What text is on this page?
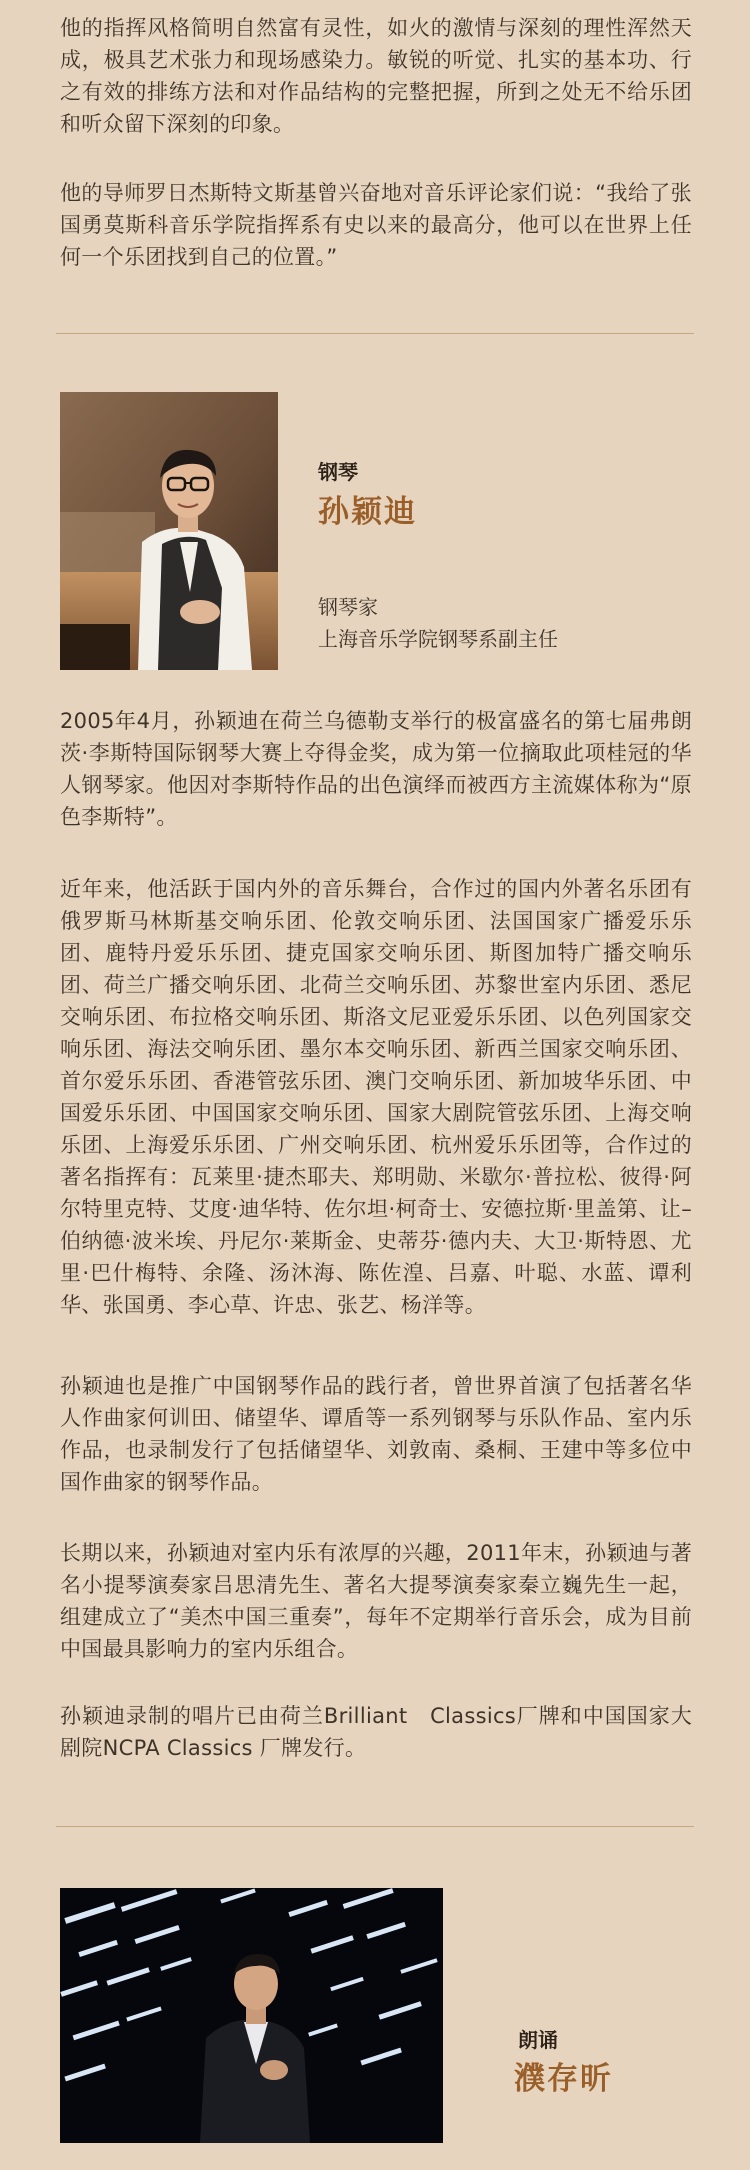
他的指挥风格简明自然富有灵性，如火的激情与深刻的理性浑然天成，极具艺术张力和现场感染力。敏锐的听觉、扎实的基本功、行之有效的排练方法和对作品结构的完整把握，所到之处无不给乐团和听众留下深刻的印象。

他的导师罗日杰斯特文斯基曾兴奋地对音乐评论家们说：“我给了张国勇莫斯科音乐学院指挥系有史以来的最高分，他可以在世界上任何一个乐团找到自己的位置。”

钢琴
孙颖迪
钢琴家
上海音乐学院钢琴系副主任

2005年4月，孙颖迪在荷兰乌德勒支举行的极富盛名的第七届弗朗茨·李斯特国际钢琴大赛上夺得金奖，成为第一位摘取此项桂冠的华人钢琴家。他因对李斯特作品的出色演绎而被西方主流媒体称为“原色李斯特”。

近年来，他活跃于国内外的音乐舞台，合作过的国内外著名乐团有俄罗斯马林斯基交响乐团、伦敦交响乐团、法国国家广播爱乐乐团、鹿特丹爱乐乐团、捷克国家交响乐团、斯图加特广播交响乐团、荷兰广播交响乐团、北荷兰交响乐团、苏黎世室内乐团、悉尼交响乐团、布拉格交响乐团、斯洛文尼亚爱乐乐团、以色列国家交响乐团、海法交响乐团、墨尔本交响乐团、新西兰国家交响乐团、首尔爱乐乐团、香港管弦乐团、澳门交响乐团、新加坡华乐团、中国爱乐乐团、中国国家交响乐团、国家大剧院管弦乐团、上海交响乐团、上海爱乐乐团、广州交响乐团、杭州爱乐乐团等，合作过的著名指挥有：瓦莱里·捷杰耶夫、郑明勋、米歇尔·普拉松、彼得·阿尔特里克特、艾度·迪华特、佐尔坦·柯奇士、安德拉斯·里盖第、让–伯纳德·波米埃、丹尼尔·莱斯金、史蒂芬·德内夫、大卫·斯特恩、尤里·巴什梅特、余隆、汤沐海、陈佐湟、吕嘉、叶聪、水蓝、谭利华、张国勇、李心草、许忠、张艺、杨洋等。

孙颖迪也是推广中国钢琴作品的践行者，曾世界首演了包括著名华人作曲家何训田、储望华、谭盾等一系列钢琴与乐队作品、室内乐作品，也录制发行了包括储望华、刘敦南、桑桐、王建中等多位中国作曲家的钢琴作品。

长期以来，孙颖迪对室内乐有浓厚的兴趣，2011年末，孙颖迪与著名小提琴演奏家吕思清先生、著名大提琴演奏家秦立巍先生一起，组建成立了“美杰中国三重奏”，每年不定期举行音乐会，成为目前中国最具影响力的室内乐组合。

孙颖迪录制的唱片已由荷兰Brilliant　Classics厂牌和中国国家大剧院NCPA Classics 厂牌发行。

朗诵
濮存昕
